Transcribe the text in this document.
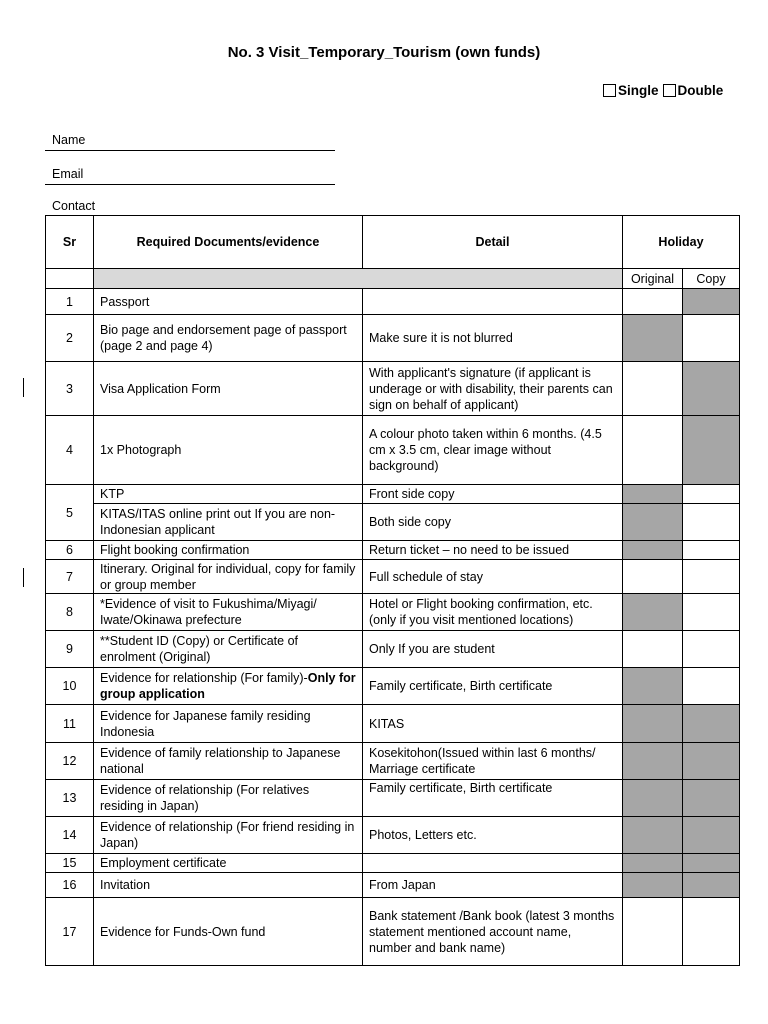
No. 3 Visit_Temporary_Tourism (own funds)
Single Double
Name
Email
Contact
Sr	Required Documents/evidence	Detail	Holiday	
			Original	Copy
1	Passport			
2	Bio page and endorsement page of passport (page 2 and page 4)	Make sure it is not blurred		
3	Visa Application Form	With applicant's signature (if applicant is underage or with disability, their parents can sign on behalf of applicant)		
4	1x Photograph	A colour photo taken within 6 months. (4.5 cm x 3.5 cm, clear image without background)		
5	KTP	Front side copy		
	KITAS/ITAS online print out If you are non-Indonesian applicant	Both side copy		
6	Flight booking confirmation	Return ticket – no need to be issued		
7	Itinerary. Original for individual, copy for family or group member	Full schedule of stay		
8	*Evidence of visit to Fukushima/Miyagi/ Iwate/Okinawa prefecture	Hotel or Flight booking confirmation, etc. (only if you visit mentioned locations)		
9	**Student ID (Copy) or Certificate of enrolment (Original)	Only If you are student		
10	Evidence for relationship (For family)-Only for group application	Family certificate, Birth certificate		
11	Evidence for Japanese family residing Indonesia	KITAS		
12	Evidence of family relationship to Japanese national	Kosekitohon(Issued within last 6 months/ Marriage certificate		
13	Evidence of relationship (For relatives residing in Japan)	Family certificate, Birth certificate		
14	Evidence of relationship (For friend residing in Japan)	Photos, Letters etc.		
15	Employment certificate			
16	Invitation	From Japan		
17	Evidence for Funds-Own fund	Bank statement /Bank book (latest 3 months statement mentioned account name, number and bank name)		
